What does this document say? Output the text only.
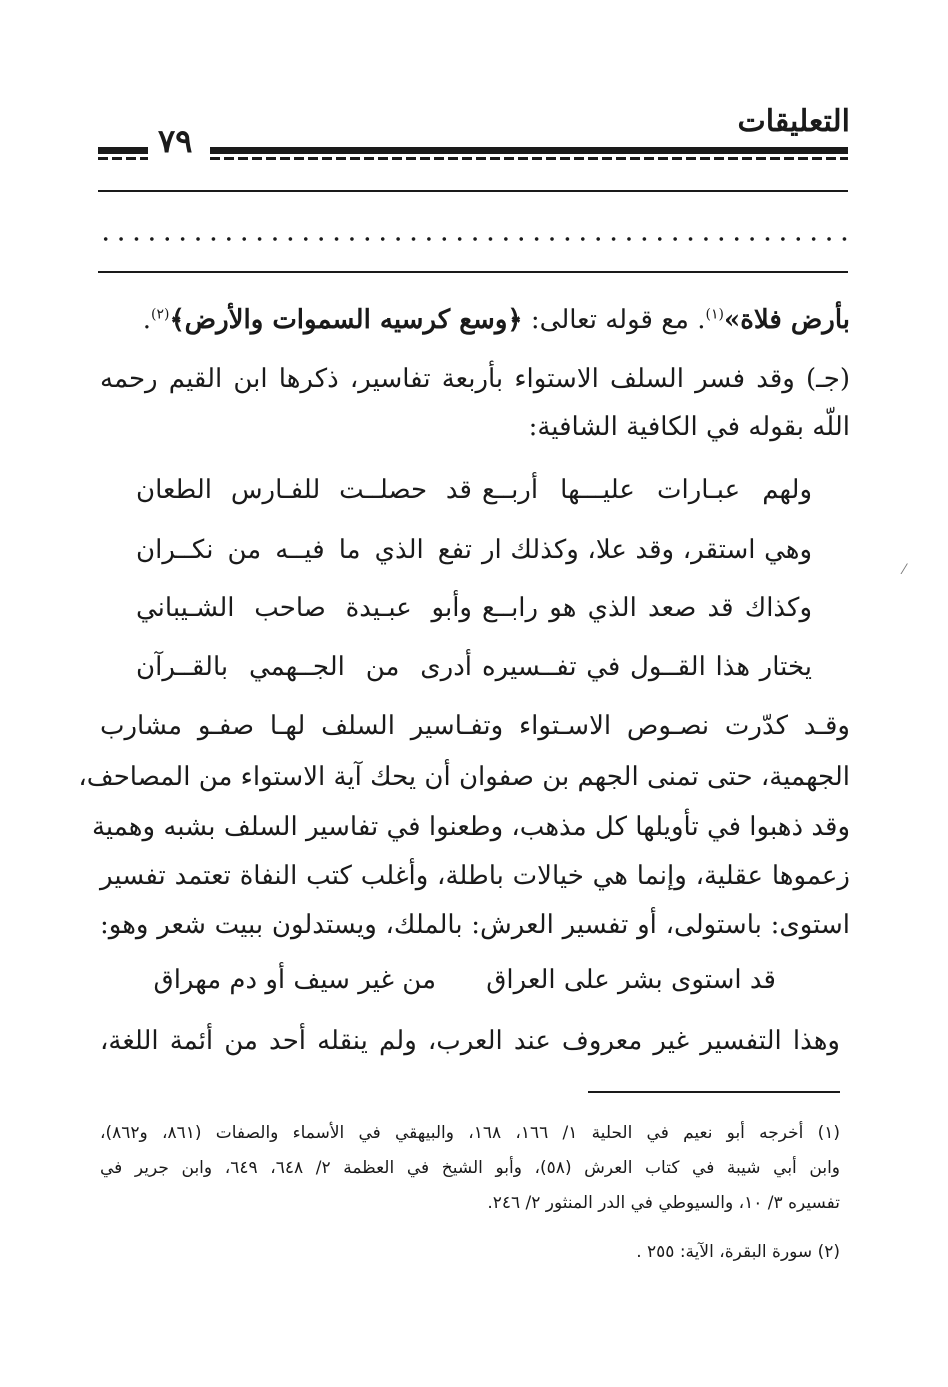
التعليقات
٧٩
بأرض فلاة»$^{(١)}$. مع قوله تعالى: ﴿وسع كرسيه السموات والأرض﴾$^{(٢)}$.
(جـ) وقد فسر السلف الاستواء بأربعة تفاسير، ذكرها ابن القيم رحمه
اللّه بقوله في الكافية الشافية:
ولهم عبـارات عليـــها أربــع
قد حصلــت للفـارس الطعان
وهي استقر، وقد علا، وكذلك ار
تفع الذي ما فيــه من نكــران
وكذاك قد صعد الذي هو رابــع
وأبو عبـيدة صاحب الشـيباني
يختار هذا القــول في تفــسيره
أدرى من الجــهمي بالقــرآن
وقـد كدّرت نصـوص الاسـتواء وتفـاسير السلف لهـا صفـو مشارب
الجهمية، حتى تمنى الجهم بن صفوان أن يحك آية الاستواء من المصاحف،
وقد ذهبوا في تأويلها كل مذهب، وطعنوا في تفاسير السلف بشبه وهمية
زعموها عقلية، وإنما هي خيالات باطلة، وأغلب كتب النفاة تعتمد تفسير
استوى: باستولى، أو تفسير العرش: بالملك، ويستدلون ببيت شعر وهو:
قد استوى بشر على العراق
من غير سيف أو دم مهراق
وهذا التفسير غير معروف عند العرب، ولم ينقله أحد من أئمة اللغة،
(١) أخرجه أبو نعيم في الحلية ١/ ١٦٦، ١٦٨، والبيهقي في الأسماء والصفات (٨٦١، و٨٦٢)،
وابن أبي شيبة في كتاب العرش (٥٨)، وأبو الشيخ في العظمة ٢/ ٦٤٨، ٦٤٩، وابن جرير في
تفسيره ٣/ ١٠، والسيوطي في الدر المنثور ٢/ ٢٤٦.
(٢) سورة البقرة، الآية: ٢٥٥ .
⁄
